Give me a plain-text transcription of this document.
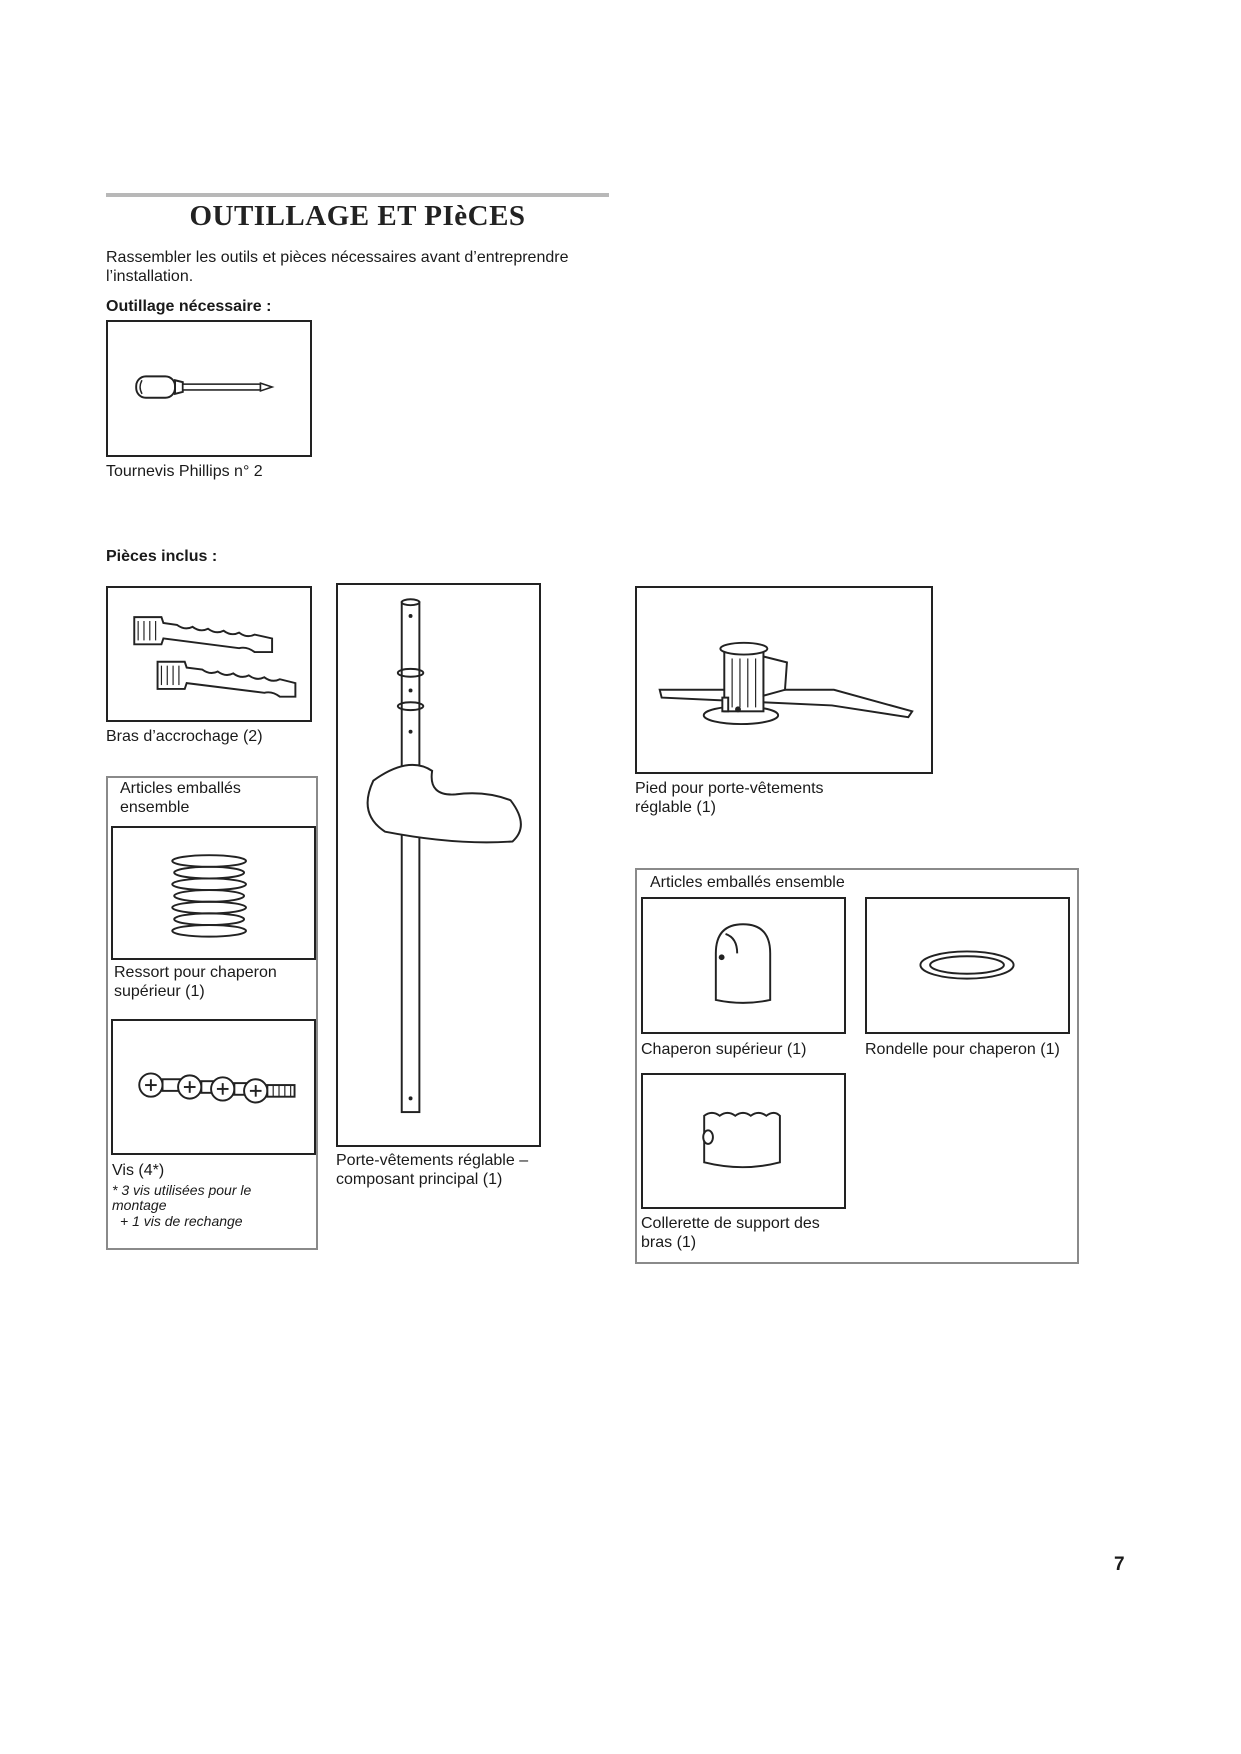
OUTILLAGE ET PIèCES
Rassembler les outils et pièces nécessaires avant d’entreprendre l’installation.
Outillage nécessaire :
Tournevis Phillips n° 2
Pièces inclus :
Bras d’accrochage (2)
Articles emballés ensemble
Ressort pour chaperon supérieur (1)
Vis (4*)
* 3 vis utilisées pour le montage
+ 1 vis de rechange
Porte-vêtements réglable – composant principal (1)
Pied pour porte-vêtements réglable (1)
Articles emballés ensemble
Chaperon supérieur (1)	Rondelle pour chaperon (1)
Collerette de support des bras (1)
7
